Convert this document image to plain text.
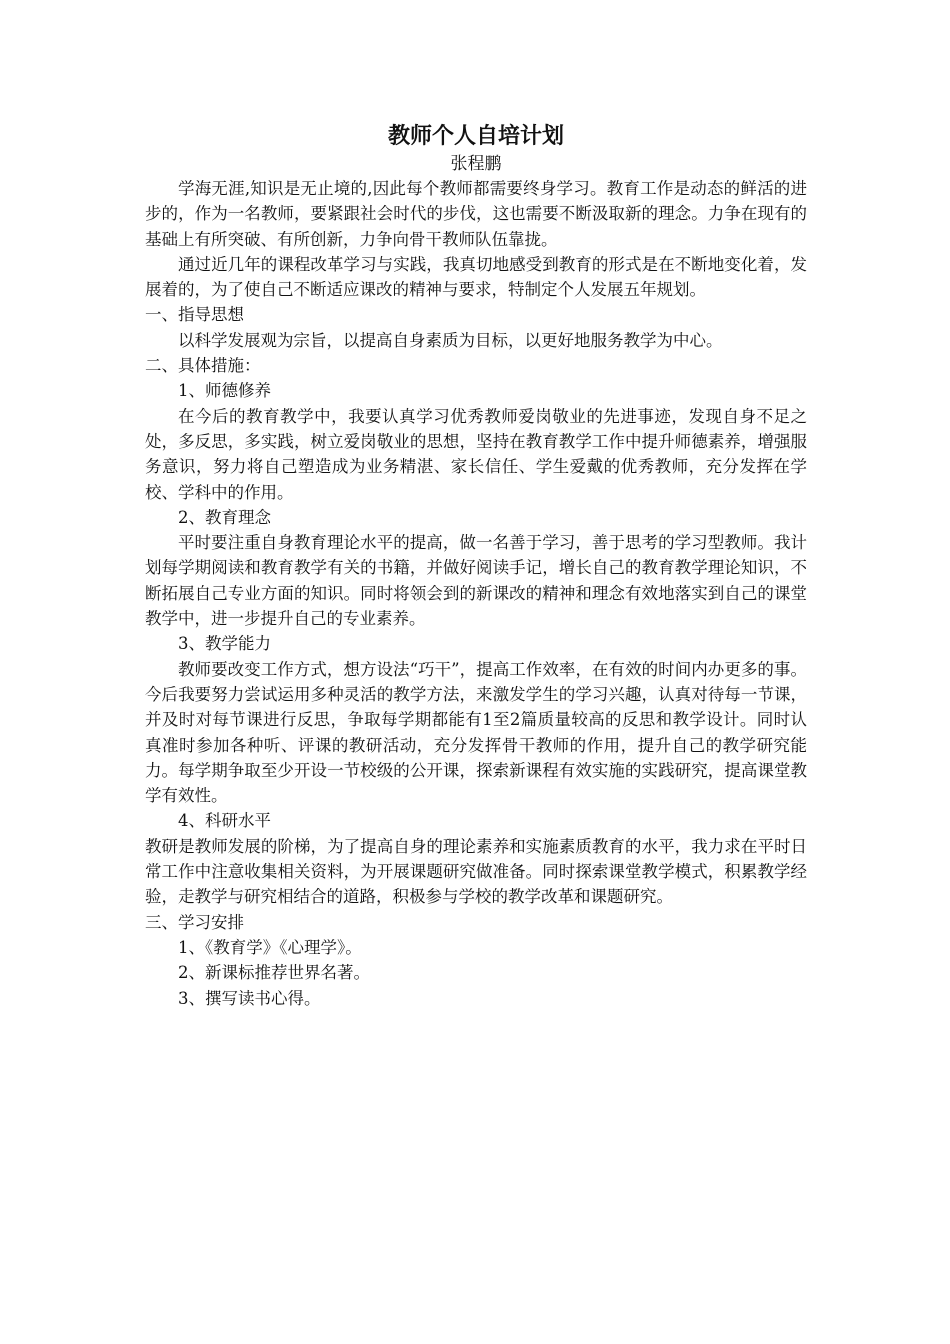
教师个人自培计划

张程鹏

学海无涯,知识是无止境的,因此每个教师都需要终身学习。教育工作是动态的鲜活的进步的，作为一名教师，要紧跟社会时代的步伐，这也需要不断汲取新的理念。力争在现有的基础上有所突破、有所创新，力争向骨干教师队伍靠拢。

通过近几年的课程改革学习与实践，我真切地感受到教育的形式是在不断地变化着，发展着的，为了使自己不断适应课改的精神与要求，特制定个人发展五年规划。

一、指导思想

以科学发展观为宗旨，以提高自身素质为目标，以更好地服务教学为中心。

二、具体措施：

1、师德修养

在今后的教育教学中，我要认真学习优秀教师爱岗敬业的先进事迹，发现自身不足之处，多反思，多实践，树立爱岗敬业的思想，坚持在教育教学工作中提升师德素养，增强服务意识，努力将自己塑造成为业务精湛、家长信任、学生爱戴的优秀教师，充分发挥在学校、学科中的作用。

2、教育理念

平时要注重自身教育理论水平的提高，做一名善于学习，善于思考的学习型教师。我计划每学期阅读和教育教学有关的书籍，并做好阅读手记，增长自己的教育教学理论知识，不断拓展自己专业方面的知识。同时将领会到的新课改的精神和理念有效地落实到自己的课堂教学中，进一步提升自己的专业素养。

3、教学能力

教师要改变工作方式，想方设法“巧干”，提高工作效率，在有效的时间内办更多的事。今后我要努力尝试运用多种灵活的教学方法，来激发学生的学习兴趣，认真对待每一节课，并及时对每节课进行反思，争取每学期都能有1至2篇质量较高的反思和教学设计。同时认真准时参加各种听、评课的教研活动，充分发挥骨干教师的作用，提升自己的教学研究能力。每学期争取至少开设一节校级的公开课，探索新课程有效实施的实践研究，提高课堂教学有效性。

4、科研水平

教研是教师发展的阶梯，为了提高自身的理论素养和实施素质教育的水平，我力求在平时日常工作中注意收集相关资料，为开展课题研究做准备。同时探索课堂教学模式，积累教学经验，走教学与研究相结合的道路，积极参与学校的教学改革和课题研究。

三、学习安排

1、《教育学》《心理学》。

2、新课标推荐世界名著。

3、撰写读书心得。
